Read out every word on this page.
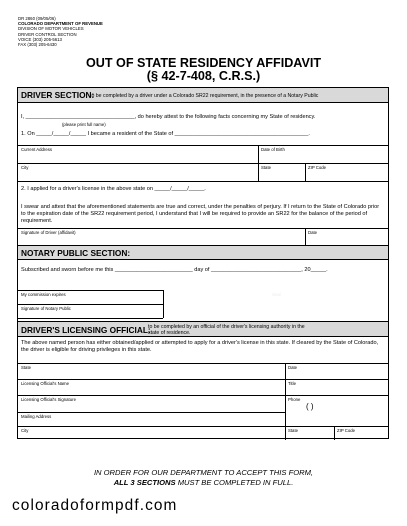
DR 2860 (09/05/06)
COLORADO DEPARTMENT OF REVENUE
DIVISION OF MOTOR VEHICLES
DRIVER CONTROL SECTION
VOICE (303) 205-5613
FAX (303) 205-6430
OUT OF STATE RESIDENCY AFFIDAVIT
(§ 42-7-408, C.R.S.)
DRIVER SECTION:
to be completed by a driver under a Colorado SR22 requirement, in the presence of a Notary Public
I, ___________________________________, do hereby attest to the following facts concerning my State of residency.
(please print full name)
1. On _____/_____/_____ I became a resident of the State of ___________________________________________.
Current Address	Date of Birth
City	State	ZIP Code
2. I applied for a driver's license in the above state on _____/_____/_____.
I swear and attest that the aforementioned statements are true and correct, under the penalties of perjury. If I return to the State of Colorado prior to the expiration date of the SR22 requirement period, I understand that I will be required to provide an SR22 for the balance of the period of requirement.
Signature of Driver (affidavit)	Date
NOTARY PUBLIC SECTION:
Subscribed and sworn before me this _________________________ day of _____________________________, 20_____.
My commission expires
Signature of Notary Public
Seal
DRIVER'S LICENSING OFFICIAL:
to be completed by an official of the driver's licensing authority in the
state of residence.
The above named person has either obtained/applied or attempted to apply for a driver's license in this state. If cleared by the State of Colorado, the driver is eligible for driving privileges in this state.
State	Date
Licensing Official's Name	Title
Licensing Official's Signature	Phone
( )
Mailing Address
City	State	ZIP Code
IN ORDER FOR OUR DEPARTMENT TO ACCEPT THIS FORM,
ALL 3 SECTIONS MUST BE COMPLETED IN FULL.
coloradoformpdf.com
